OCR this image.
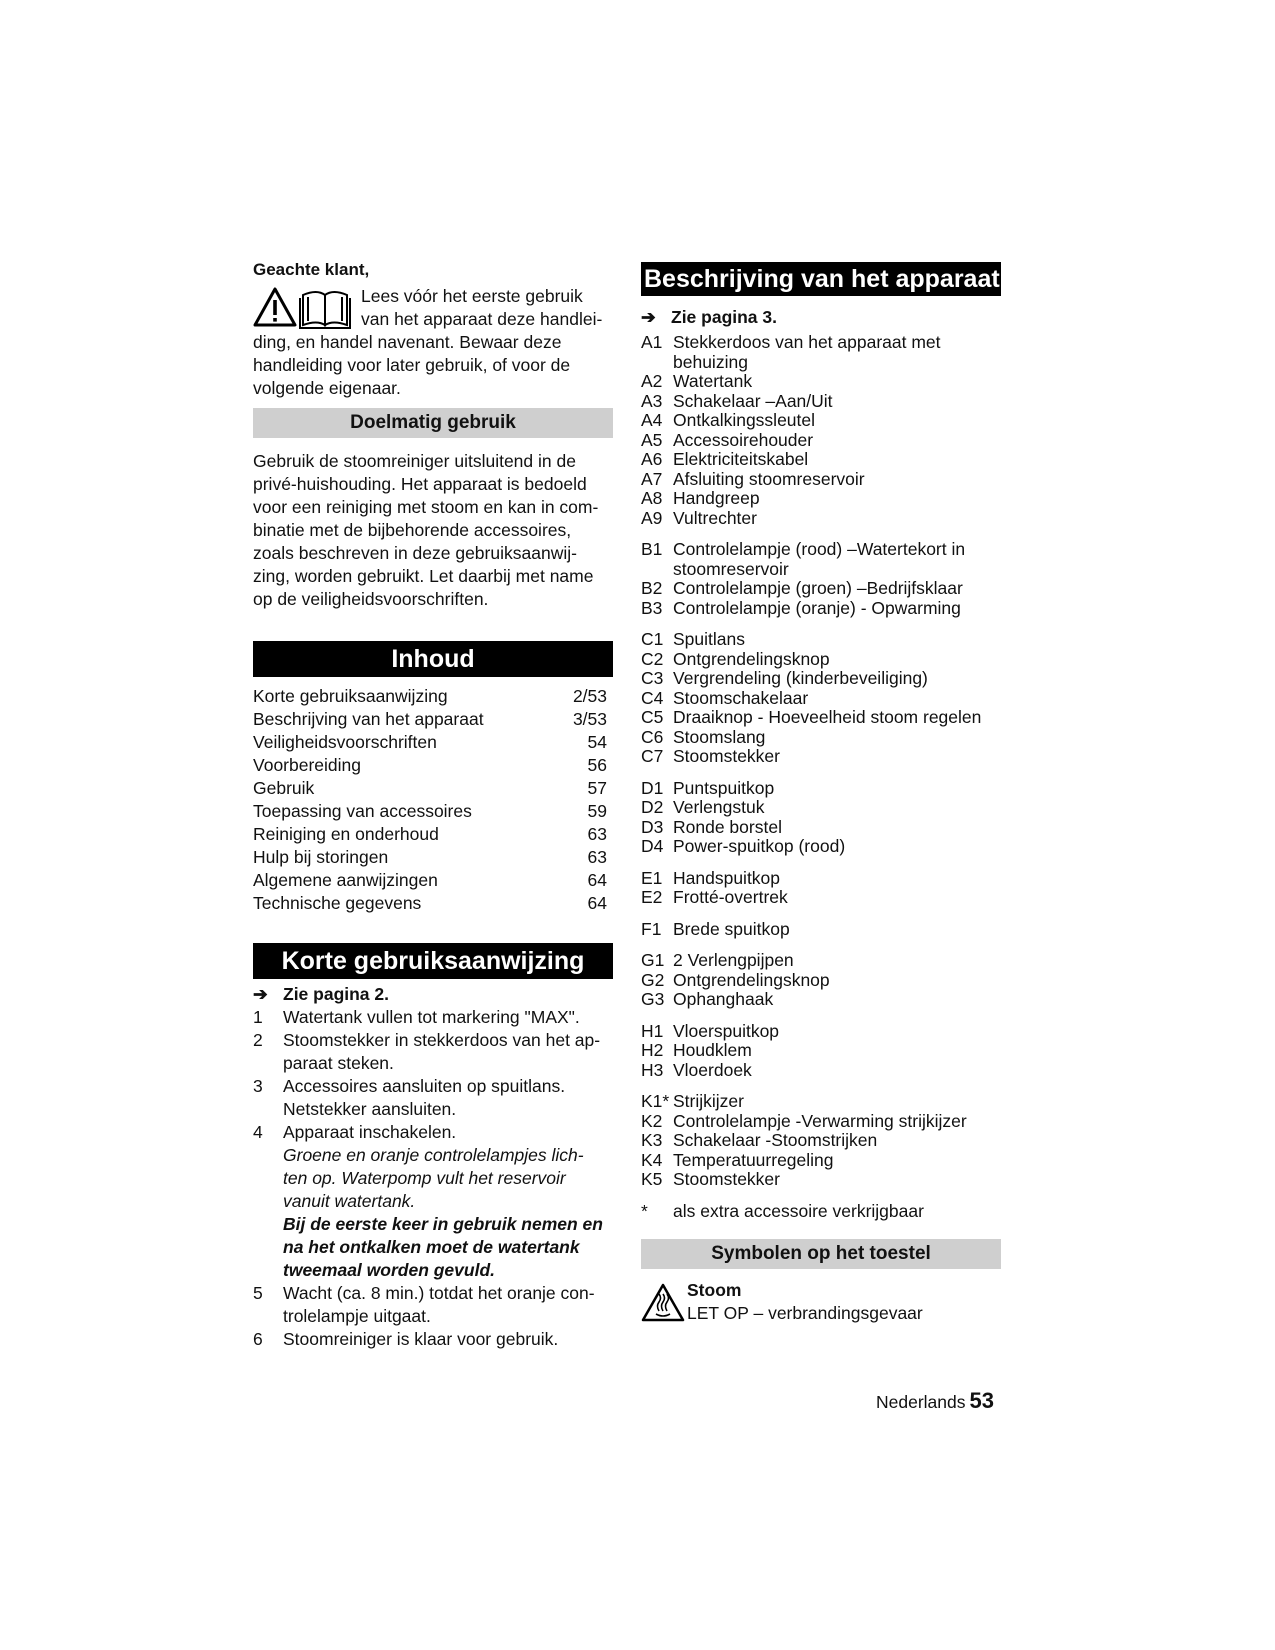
Geachte klant,

Lees vóór het eerste gebruik

van het apparaat deze handlei-

ding, en handel navenant. Bewaar deze

handleiding voor later gebruik, of voor de

volgende eigenaar.

Doelmatig gebruik

Gebruik de stoomreiniger uitsluitend in de

privé-huishouding. Het apparaat is bedoeld

voor een reiniging met stoom en kan in com-

binatie met de bijbehorende accessoires,

zoals beschreven in deze gebruiksaanwij-

zing, worden gebruikt. Let daarbij met name

op de veiligheidsvoorschriften.

Inhoud
Korte gebruiksaanwijzing	2/53
Beschrijving van het apparaat	3/53
Veiligheidsvoorschriften	54
Voorbereiding	56
Gebruik	57
Toepassing van accessoires	59
Reiniging en onderhoud	63
Hulp bij storingen	63
Algemene aanwijzingen	64
Technische gegevens	64
Korte gebruiksaanwijzing
➔ Zie pagina 2.
1	Watertank vullen tot markering "MAX".

2	Stoomstekker in stekkerdoos van het ap-

paraat steken.

3	Accessoires aansluiten op spuitlans.

Netstekker aansluiten.

4	Apparaat inschakelen.

Groene en oranje controlelampjes lich-

ten op. Waterpomp vult het reservoir

vanuit watertank.

Bij de eerste keer in gebruik nemen en

na het ontkalken moet de watertank

tweemaal worden gevuld.

5	Wacht (ca. 8 min.) totdat het oranje con-

trolelampje uitgaat.

6	Stoomreiniger is klaar voor gebruik.

Beschrijving van het apparaat
➔ Zie pagina 3.
A1 Stekkerdoos van het apparaat met

behuizing

A2 Watertank

A3 Schakelaar –Aan/Uit

A4 Ontkalkingssleutel

A5 Accessoirehouder

A6 Elektriciteitskabel

A7 Afsluiting stoomreservoir

A8 Handgreep

A9 Vultrechter

B1 Controlelampje (rood) –Watertekort in

stoomreservoir

B2 Controlelampje (groen) –Bedrijfsklaar

B3 Controlelampje (oranje) - Opwarming

C1 Spuitlans

C2 Ontgrendelingsknop

C3 Vergrendeling (kinderbeveiliging)

C4 Stoomschakelaar

C5 Draaiknop - Hoeveelheid stoom regelen

C6 Stoomslang

C7 Stoomstekker

D1 Puntspuitkop

D2 Verlengstuk

D3 Ronde borstel

D4 Power-spuitkop (rood)

E1 Handspuitkop

E2 Frotté-overtrek

F1 Brede spuitkop

G1 2 Verlengpijpen

G2 Ontgrendelingsknop

G3 Ophanghaak

H1 Vloerspuitkop

H2 Houdklem

H3 Vloerdoek

K1* Strijkijzer

K2 Controlelampje -Verwarming strijkijzer

K3 Schakelaar -Stoomstrijken

K4 Temperatuurregeling

K5 Stoomstekker

*	als extra accessoire verkrijgbaar

Symbolen op het toestel

Stoom

LET OP – verbrandingsgevaar

Nederlands 53
